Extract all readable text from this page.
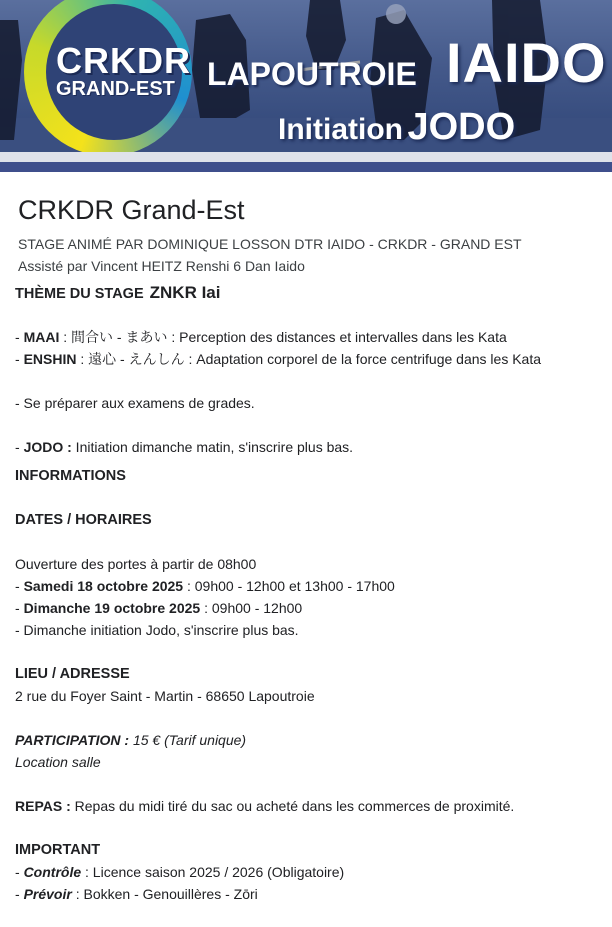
CRKDR
GRAND-EST LAPOUTROIE IAIDO
Initiation JODO
CRKDR Grand-Est

STAGE ANIMÉ PAR DOMINIQUE LOSSON DTR IAIDO - CRKDR - GRAND EST

Assisté par Vincent HEITZ Renshi 6 Dan Iaido

THÈME DU STAGE ZNKR Iai

- MAAI : 間合い - まあい : Perception des distances et intervalles dans les Kata

- ENSHIN : 遠心 - えんしん : Adaptation corporel de la force centrifuge dans les Kata

- Se préparer aux examens de grades.

- JODO : Initiation dimanche matin, s'inscrire plus bas.

INFORMATIONS

DATES / HORAIRES

Ouverture des portes à partir de 08h00

- Samedi 18 octobre 2025 : 09h00 - 12h00 et 13h00 - 17h00

- Dimanche 19 octobre 2025 : 09h00 - 12h00

- Dimanche initiation Jodo, s'inscrire plus bas.

LIEU / ADRESSE

2 rue du Foyer Saint - Martin - 68650 Lapoutroie

PARTICIPATION : 15 € (Tarif unique)

Location salle

REPAS : Repas du midi tiré du sac ou acheté dans les commerces de proximité.

IMPORTANT

- Contrôle : Licence saison 2025 / 2026 (Obligatoire)

- Prévoir : Bokken - Genouillères - Zōri
